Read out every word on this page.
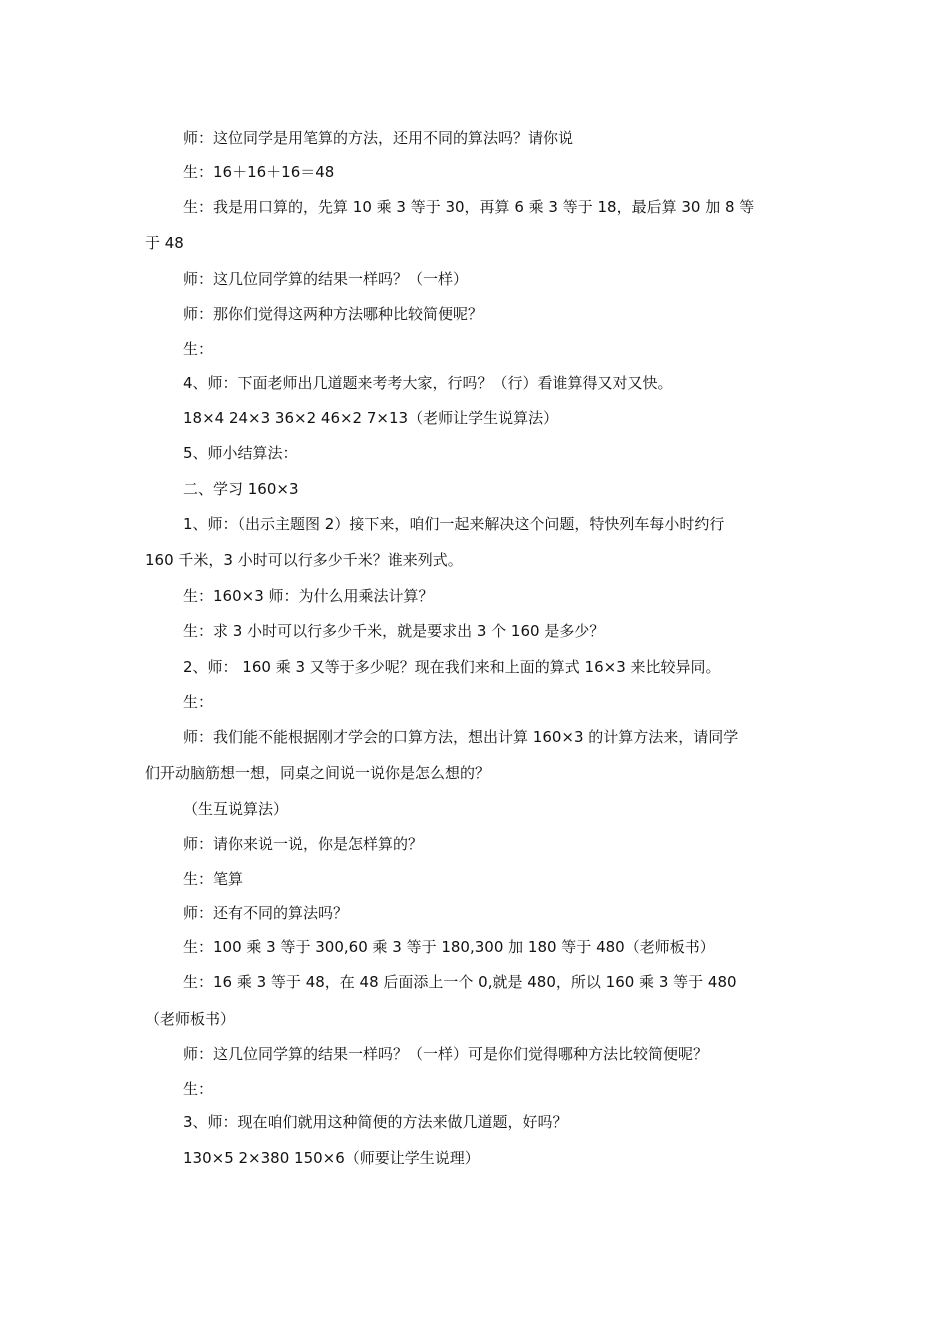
师：这位同学是用笔算的方法，还用不同的算法吗？请你说
生：16＋16＋16＝48
生：我是用口算的，先算 10 乘 3 等于 30，再算 6 乘 3 等于 18，最后算 30 加 8 等
于 48
师：这几位同学算的结果一样吗？（一样）
师：那你们觉得这两种方法哪种比较简便呢？
生：
4、师：下面老师出几道题来考考大家，行吗？（行）看谁算得又对又快。
18×4 24×3 36×2 46×2 7×13（老师让学生说算法）
5、师小结算法：
二、学习 160×3
1、师：（出示主题图 2）接下来，咱们一起来解决这个问题，特快列车每小时约行
160 千米，3 小时可以行多少千米？谁来列式。
生：160×3 师：为什么用乘法计算？
生：求 3 小时可以行多少千米，就是要求出 3 个 160 是多少？
2、师： 160 乘 3 又等于多少呢？现在我们来和上面的算式 16×3 来比较异同。
生：
师：我们能不能根据刚才学会的口算方法，想出计算 160×3 的计算方法来，请同学
们开动脑筋想一想，同桌之间说一说你是怎么想的？
（生互说算法）
师：请你来说一说，你是怎样算的？
生：笔算
师：还有不同的算法吗？
生：100 乘 3 等于 300,60 乘 3 等于 180,300 加 180 等于 480（老师板书）
生：16 乘 3 等于 48，在 48 后面添上一个 0,就是 480，所以 160 乘 3 等于 480
（老师板书）
师：这几位同学算的结果一样吗？（一样）可是你们觉得哪种方法比较简便呢？
生：
3、师：现在咱们就用这种简便的方法来做几道题，好吗？
130×5 2×380 150×6（师要让学生说理）
